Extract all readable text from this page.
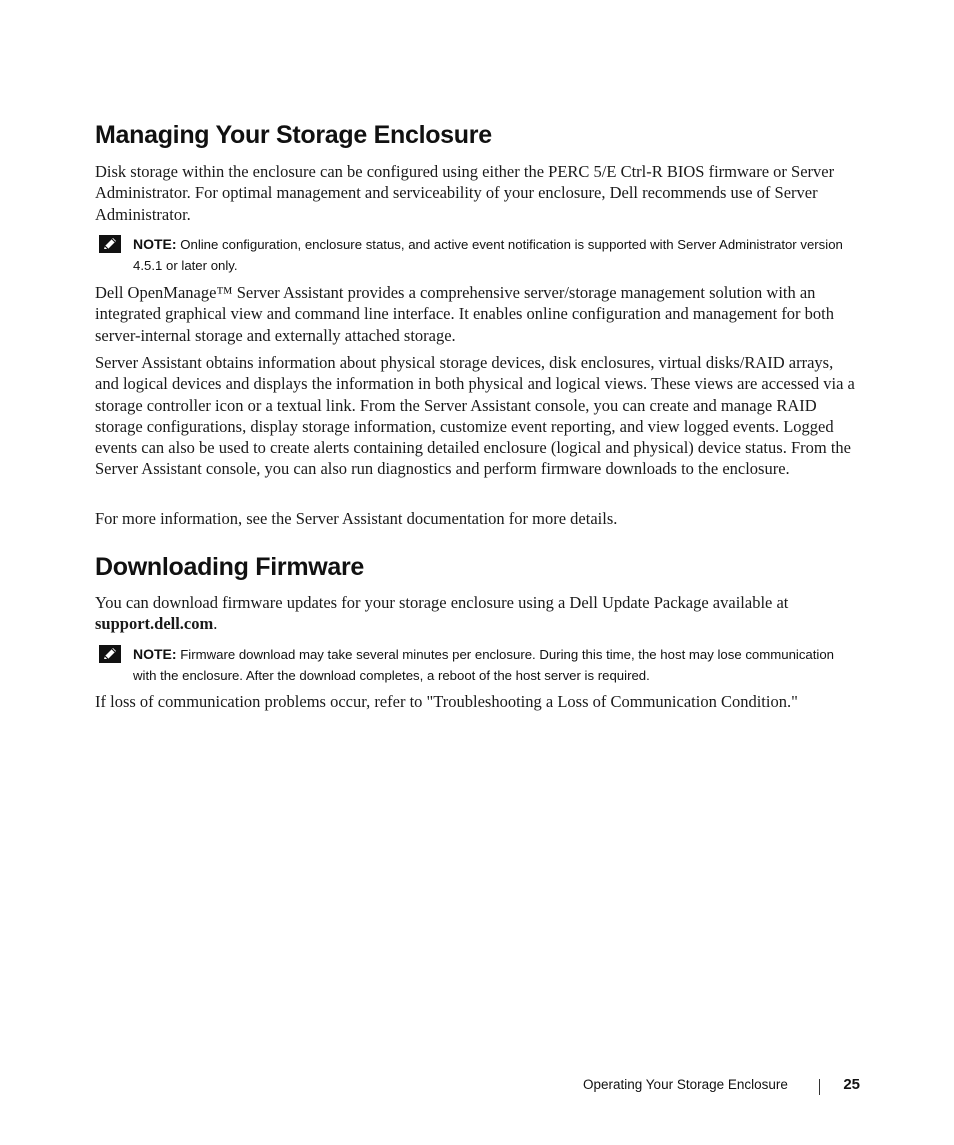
Managing Your Storage Enclosure

Disk storage within the enclosure can be configured using either the PERC 5/E Ctrl-R BIOS firmware or Server Administrator. For optimal management and serviceability of your enclosure, Dell recommends use of Server Administrator.

NOTE: Online configuration, enclosure status, and active event notification is supported with Server Administrator version 4.5.1 or later only.

Dell OpenManage™ Server Assistant provides a comprehensive server/storage management solution with an integrated graphical view and command line interface. It enables online configuration and management for both server-internal storage and externally attached storage.

Server Assistant obtains information about physical storage devices, disk enclosures, virtual disks/RAID arrays, and logical devices and displays the information in both physical and logical views. These views are accessed via a storage controller icon or a textual link. From the Server Assistant console, you can create and manage RAID storage configurations, display storage information, customize event reporting, and view logged events. Logged events can also be used to create alerts containing detailed enclosure (logical and physical) device status. From the Server Assistant console, you can also run diagnostics and perform firmware downloads to the enclosure.

For more information, see the Server Assistant documentation for more details.

Downloading Firmware

You can download firmware updates for your storage enclosure using a Dell Update Package available at support.dell.com.

NOTE: Firmware download may take several minutes per enclosure. During this time, the host may lose communication with the enclosure. After the download completes, a reboot of the host server is required.

If loss of communication problems occur, refer to "Troubleshooting a Loss of Communication Condition."

Operating Your Storage Enclosure	25
